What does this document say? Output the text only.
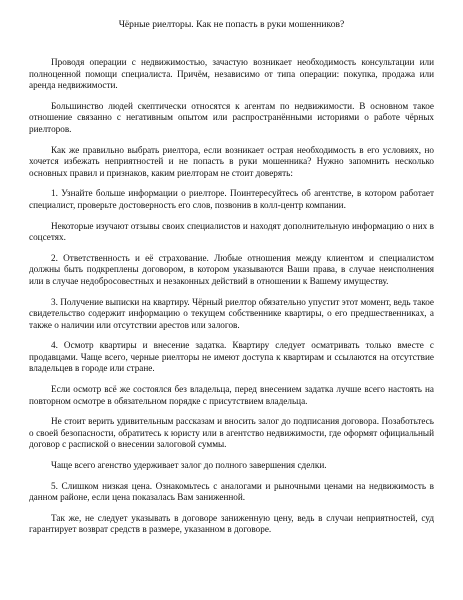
Чёрные риелторы. Как не попасть в руки мошенников?

Проводя операции с недвижимостью, зачастую возникает необходимость консультации или полноценной помощи специалиста. Причём, независимо от типа операции: покупка, продажа или аренда недвижимости.

Большинство людей скептически относятся к агентам по недвижимости. В основном такое отношение связанно с негативным опытом или распространёнными историями о работе чёрных риелторов.

Как же правильно выбрать риелтора, если возникает острая необходимость в его условиях, но хочется избежать неприятностей и не попасть в руки мошенника? Нужно запомнить несколько основных правил и признаков, каким риелторам не стоит доверять:

1. Узнайте больше информации о риелторе. Поинтересуйтесь об агентстве, в котором работает специалист, проверьте достоверность его слов, позвонив в колл-центр компании.

Некоторые изучают отзывы своих специалистов и находят дополнительную информацию о них в соцсетях.

2. Ответственность и её страхование. Любые отношения между клиентом и специалистом должны быть подкреплены договором, в котором указываются Ваши права, в случае неисполнения или в случае недобросовестных и незаконных действий в отношении к Вашему имуществу.

3. Получение выписки на квартиру. Чёрный риелтор обязательно упустит этот момент, ведь такое свидетельство содержит информацию о текущем собственнике квартиры, о его предшественниках, а также о наличии или отсутствии арестов или залогов.

4. Осмотр квартиры и внесение задатка. Квартиру следует осматривать только вместе с продавцами. Чаще всего, черные риелторы не имеют доступа к квартирам и ссылаются на отсутствие владельцев в городе или стране.

Если осмотр всё же состоялся без владельца, перед внесением задатка лучше всего настоять на повторном осмотре в обязательном порядке с присутствием владельца.

Не стоит верить удивительным рассказам и вносить залог до подписания договора. Позаботьтесь о своей безопасности, обратитесь к юристу или в агентство недвижимости, где оформят официальный договор с распиской о внесении залоговой суммы.

Чаще всего агенство удерживает залог до полного завершения сделки.

5. Слишком низкая цена. Ознакомьтесь с аналогами и рыночными ценами на недвижимость в данном районе, если цена показалась Вам заниженной.

Так же, не следует указывать в договоре заниженную цену, ведь в случаи неприятностей, суд гарантирует возврат средств в размере, указанном в договоре.
